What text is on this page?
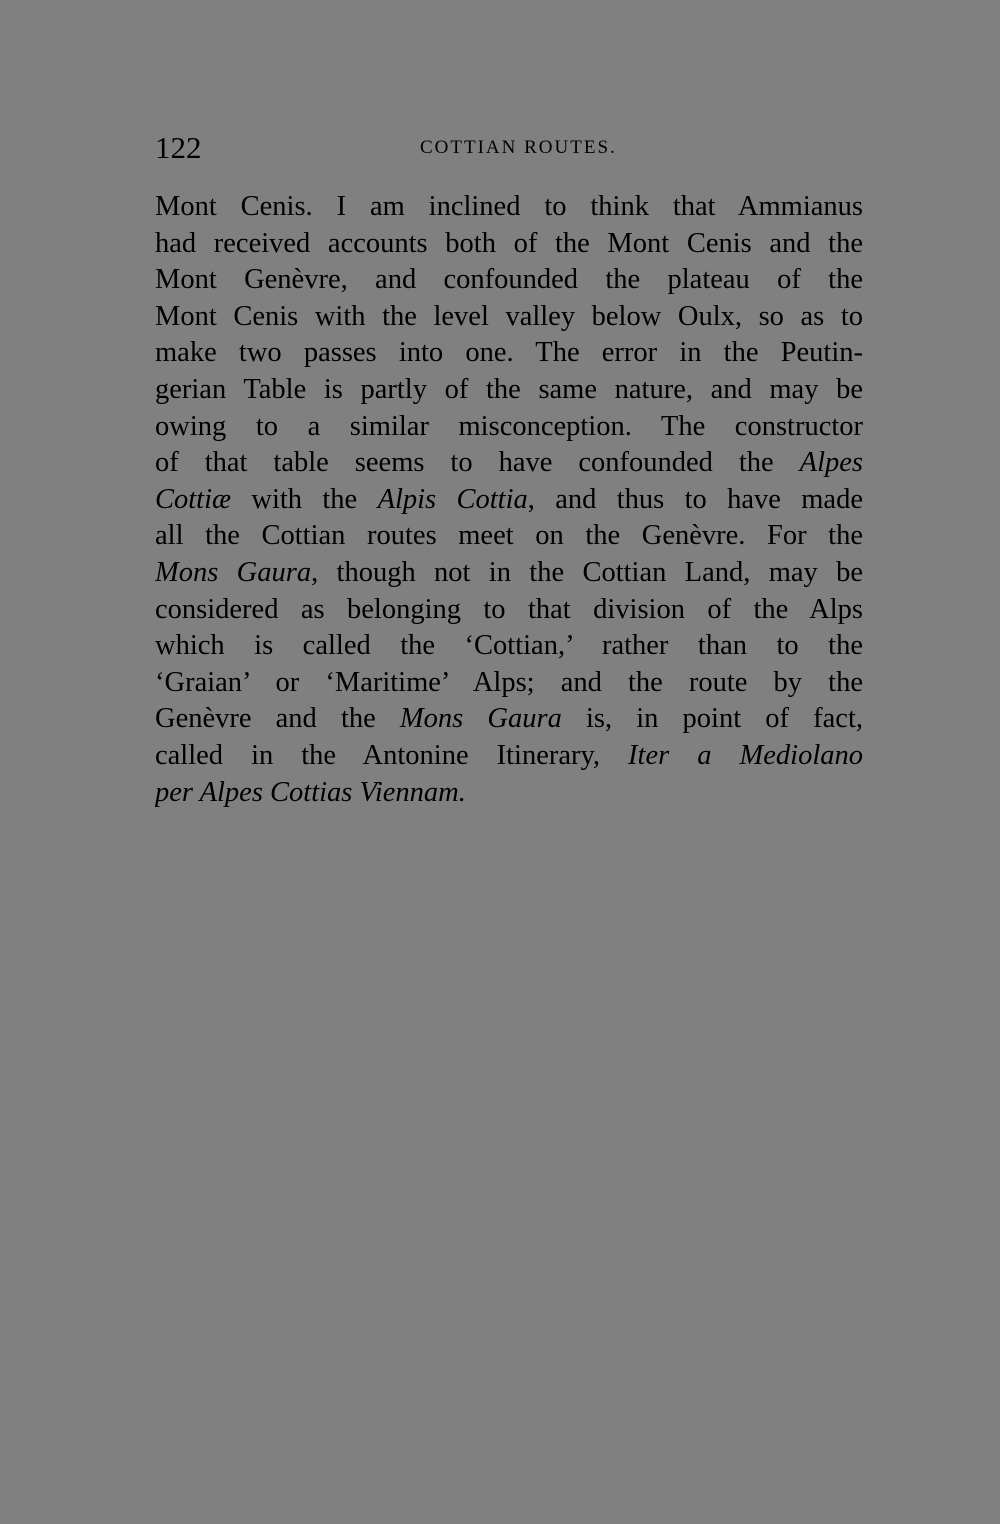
122	COTTIAN ROUTES.
Mont Cenis. I am inclined to think that Ammianus
had received accounts both of the Mont Cenis and the
Mont Genèvre, and confounded the plateau of the
Mont Cenis with the level valley below Oulx, so as to
make two passes into one. The error in the Peutin-
gerian Table is partly of the same nature, and may be
owing to a similar misconception. The constructor
of that table seems to have confounded the Alpes
Cottiæ with the Alpis Cottia, and thus to have made
all the Cottian routes meet on the Genèvre. For the
Mons Gaura, though not in the Cottian Land, may be
considered as belonging to that division of the Alps
which is called the ‘Cottian,’ rather than to the
‘Graian’ or ‘Maritime’ Alps; and the route by the
Genèvre and the Mons Gaura is, in point of fact,
called in the Antonine Itinerary, Iter a Mediolano
per Alpes Cottias Viennam.
